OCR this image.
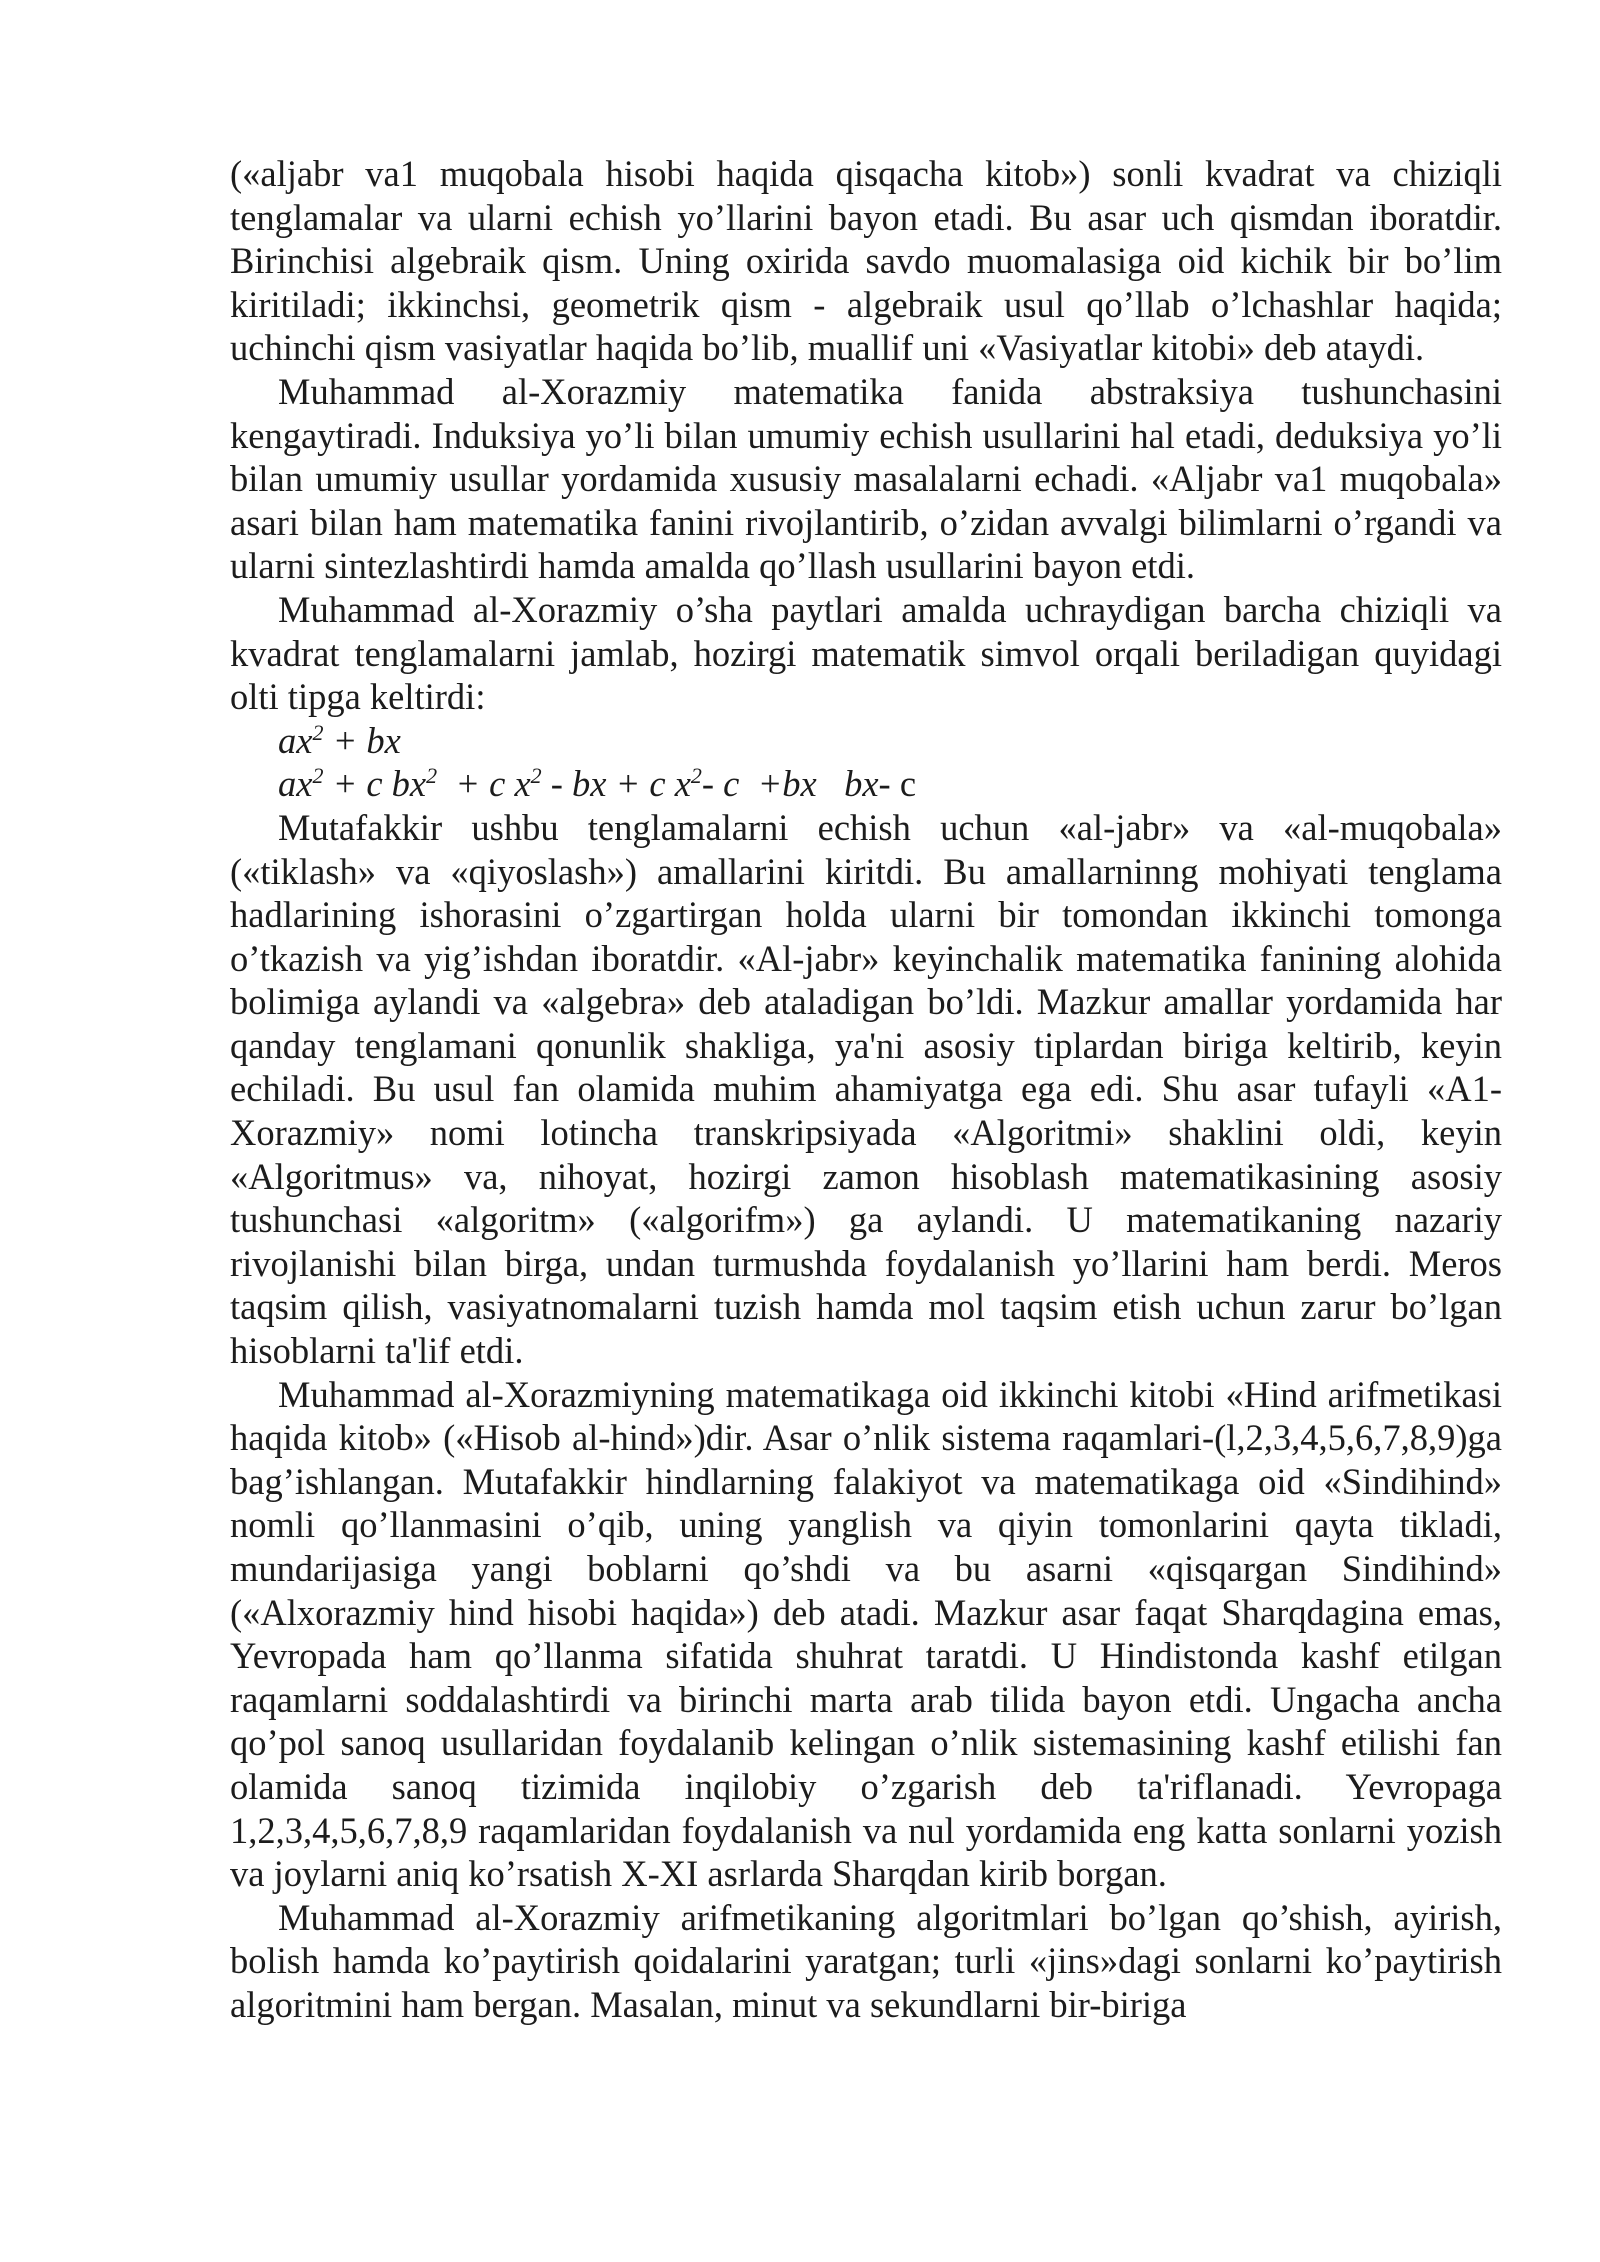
(«aljabr va1 muqobala hisobi haqida qisqacha kitob») sonli kvadrat va chiziqli tenglamalar va ularni echish yo’llarini bayon etadi. Bu asar uch qismdan iboratdir. Birinchisi algebraik qism. Uning oxirida savdo muomalasiga oid kichik bir bo’lim kiritiladi; ikkinchsi, geometrik qism - algebraik usul qo’llab o’lchashlar haqida; uchinchi qism vasiyatlar haqida bo’lib, muallif uni «Vasiyatlar kitobi» deb ataydi.

Muhammad al-Xorazmiy matematika fanida abstraksiya tushunchasini kengaytiradi. Induksiya yo’li bilan umumiy echish usullarini hal etadi, deduksiya yo’li bilan umumiy usullar yordamida xususiy masalalarni echadi. «Aljabr va1 muqobala» asari bilan ham matematika fanini rivojlantirib, o’zidan avvalgi bilimlarni o’rgandi va ularni sintezlashtirdi hamda amalda qo’llash usullarini bayon etdi.

Muhammad al-Xorazmiy o’sha paytlari amalda uchraydigan barcha chiziqli va kvadrat tenglamalarni jamlab, hozirgi matematik simvol orqali beriladigan quyidagi olti tipga keltirdi:

$ax^2$ + bx

$ax^2 + c$ $bx^2 + c$ $x^2$ - bx + c $x^2-$ c  +bx   bx- c

Mutafakkir ushbu tenglamalarni echish uchun «al-jabr» va «al-muqobala» («tiklash» va «qiyoslash») amallarini kiritdi. Bu amallarninng mohiyati tenglama hadlarining ishorasini o’zgartirgan holda ularni bir tomondan ikkinchi tomonga o’tkazish va yig’ishdan iboratdir. «Al-jabr» keyinchalik matematika fanining alohida bolimiga aylandi va «algebra» deb ataladigan bo’ldi. Mazkur amallar yordamida har qanday tenglamani qonunlik shakliga, ya'ni asosiy tiplardan biriga keltirib, keyin echiladi. Bu usul fan olamida muhim ahamiyatga ega edi. Shu asar tufayli «A1-Xorazmiy» nomi lotincha transkripsiyada «Algoritmi» shaklini oldi, keyin «Algoritmus» va, nihoyat, hozirgi zamon hisoblash matematikasining asosiy tushunchasi «algoritm» («algorifm») ga aylandi. U matematikaning nazariy rivojlanishi bilan birga, undan turmushda foydalanish yo’llarini ham berdi. Meros taqsim qilish, vasiyatnomalarni tuzish hamda mol taqsim etish uchun zarur bo’lgan hisoblarni ta'lif etdi.

Muhammad al-Xorazmiyning matematikaga oid ikkinchi kitobi «Hind arifmetikasi haqida kitob» («Hisob al-hind»)dir. Asar o’nlik sistema raqamlari-(l,2,3,4,5,6,7,8,9)ga bag’ishlangan. Mutafakkir hindlarning falakiyot va matematikaga oid «Sindihind» nomli qo’llanmasini o’qib, uning yanglish va qiyin tomonlarini qayta tikladi, mundarijasiga yangi boblarni qo’shdi va bu asarni «qisqargan Sindihind» («Alxorazmiy hind hisobi haqida») deb atadi. Mazkur asar faqat Sharqdagina emas, Yevropada ham qo’llanma sifatida shuhrat taratdi. U Hindistonda kashf etilgan raqamlarni soddalashtirdi va birinchi marta arab tilida bayon etdi. Ungacha ancha qo’pol sanoq usullaridan foydalanib kelingan o’nlik sistemasining kashf etilishi fan olamida sanoq tizimida inqilobiy o’zgarish deb ta'riflanadi. Yevropaga 1,2,3,4,5,6,7,8,9 raqamlaridan foydalanish va nul yordamida eng katta sonlarni yozish va joylarni aniq ko’rsatish X-XI asrlarda Sharqdan kirib borgan.

Muhammad al-Xorazmiy arifmetikaning algoritmlari bo’lgan qo’shish, ayirish, bolish hamda ko’paytirish qoidalarini yaratgan; turli «jins»dagi sonlarni ko’paytirish algoritmini ham bergan. Masalan, minut va sekundlarni bir-biriga
